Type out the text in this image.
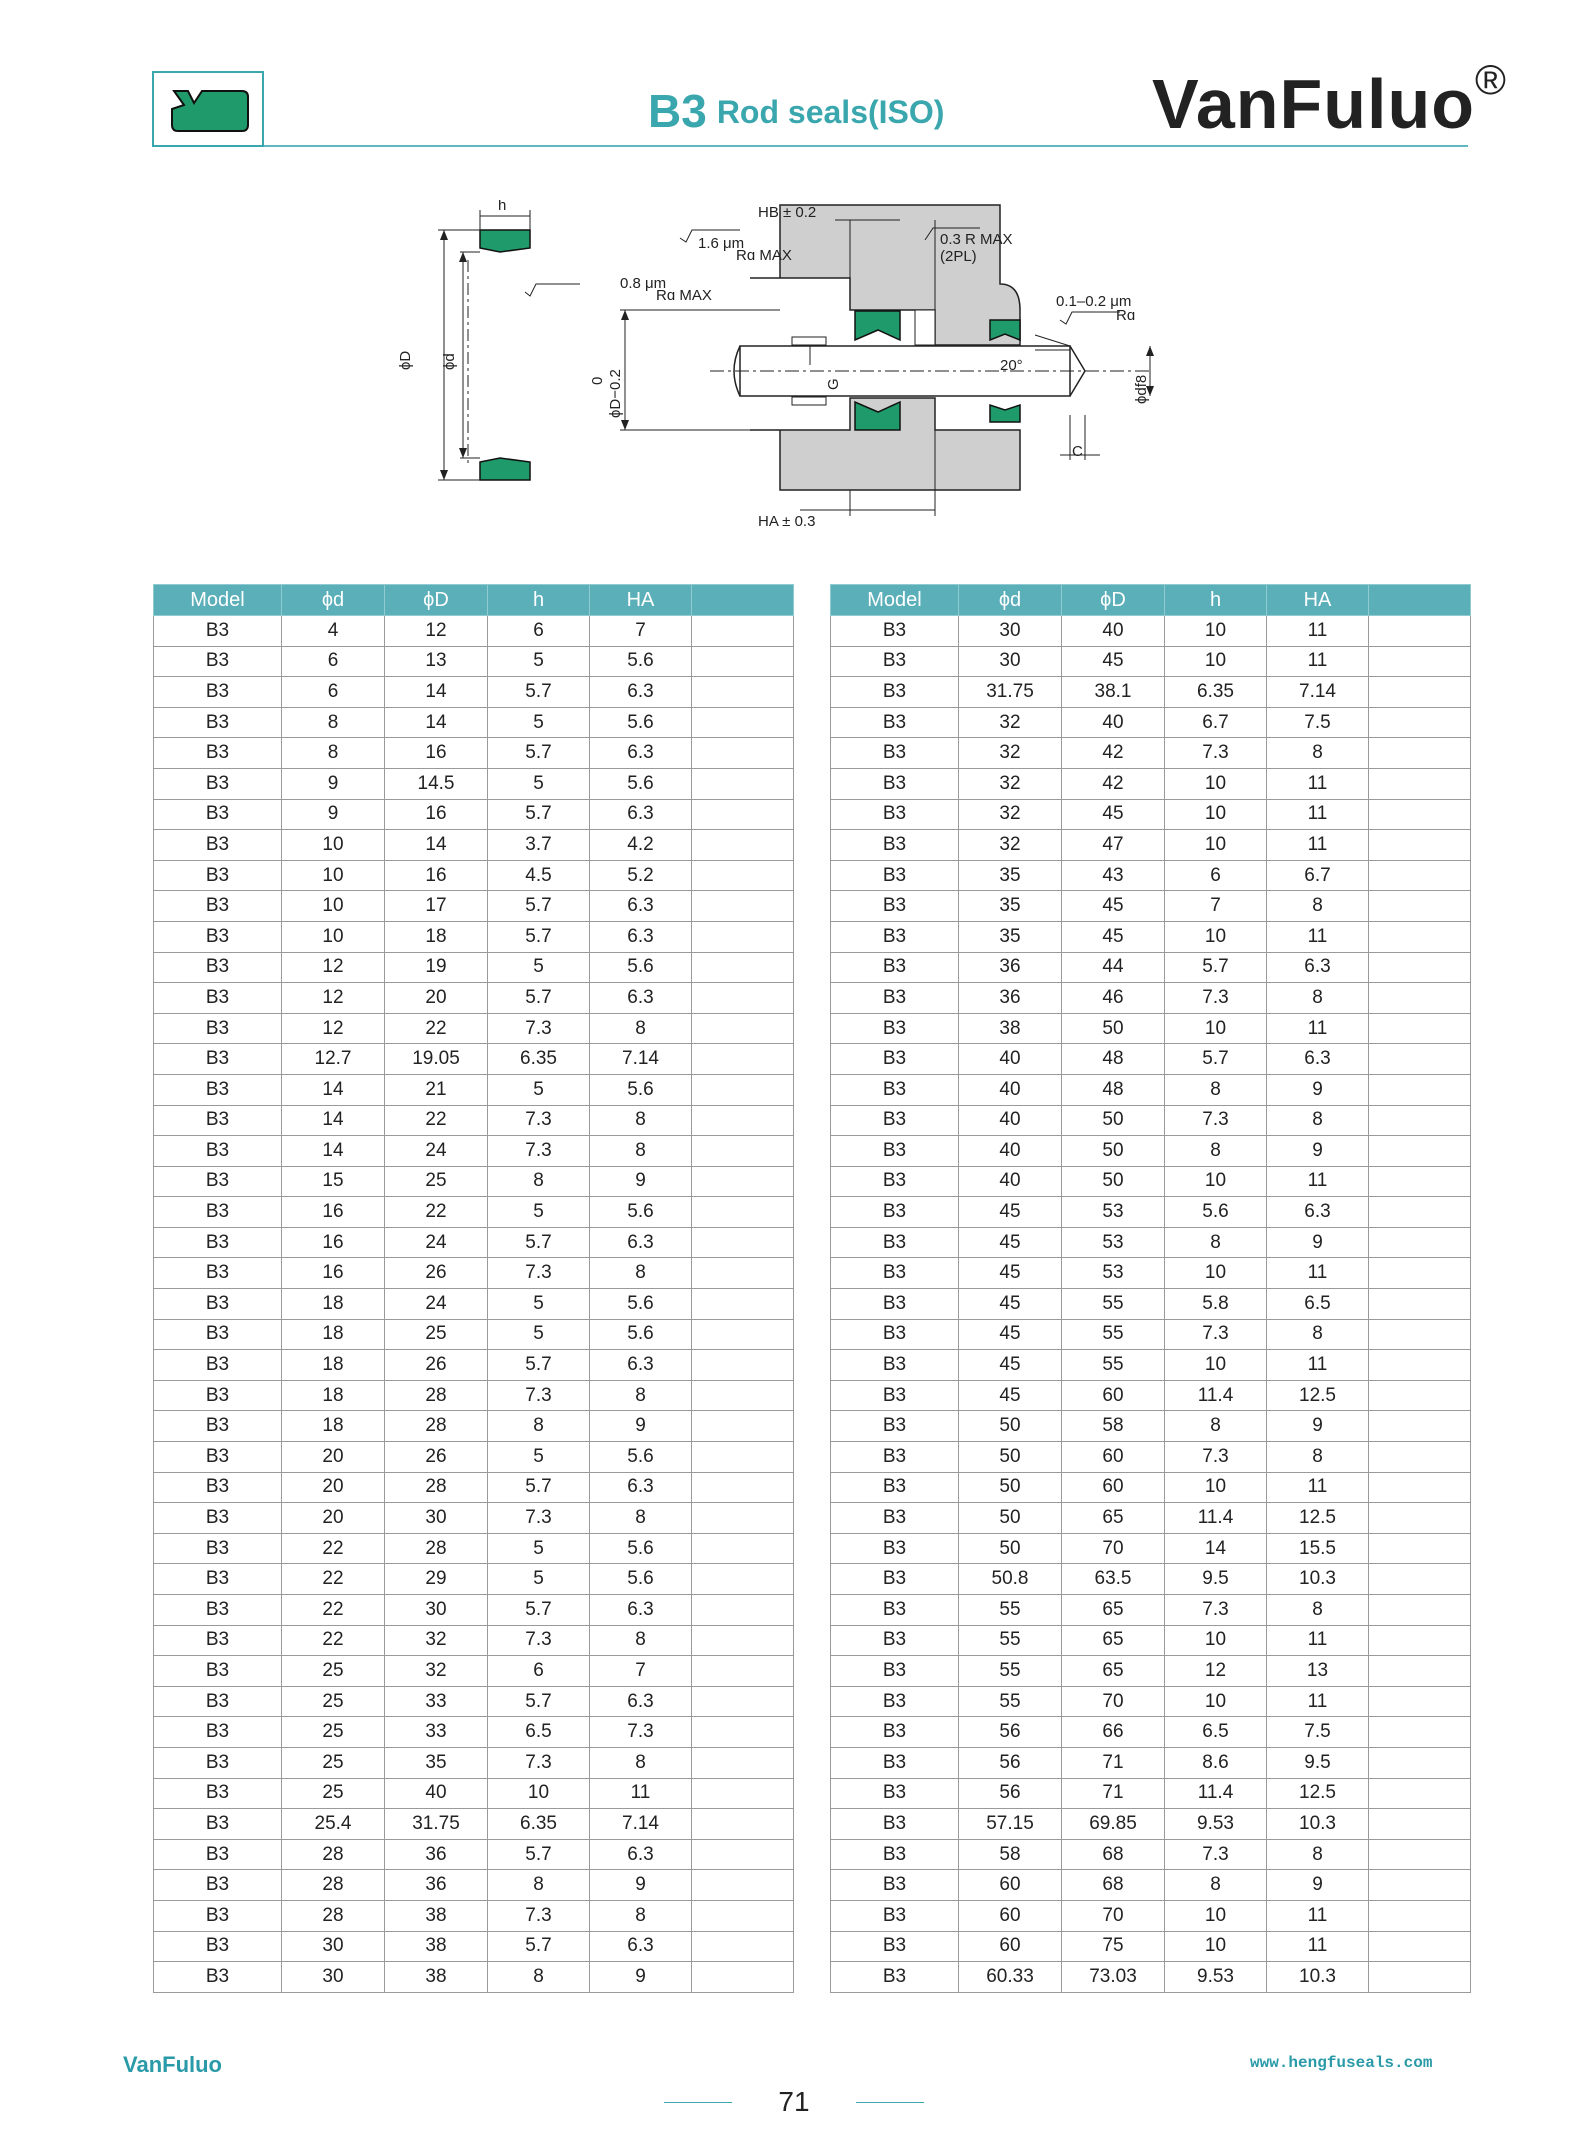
B3 Rod seals(ISO)	VanFuluo®
h
ϕD ϕd
HB ± 0.2
1.6 μm
Rɑ MAX
0.3 R MAX
(2PL)
0.8 μm
Rɑ MAX	0.1–0.2 μm
Rɑ
20°
0 ϕD−0.2	G	ϕdf8
C
HA ± 0.3
Model	ϕd	ϕD	h	HA	
B3	4	12	6	7	
B3	6	13	5	5.6	
B3	6	14	5.7	6.3	
B3	8	14	5	5.6	
B3	8	16	5.7	6.3	
B3	9	14.5	5	5.6	
B3	9	16	5.7	6.3	
B3	10	14	3.7	4.2	
B3	10	16	4.5	5.2	
B3	10	17	5.7	6.3	
B3	10	18	5.7	6.3	
B3	12	19	5	5.6	
B3	12	20	5.7	6.3	
B3	12	22	7.3	8	
B3	12.7	19.05	6.35	7.14	
B3	14	21	5	5.6	
B3	14	22	7.3	8	
B3	14	24	7.3	8	
B3	15	25	8	9	
B3	16	22	5	5.6	
B3	16	24	5.7	6.3	
B3	16	26	7.3	8	
B3	18	24	5	5.6	
B3	18	25	5	5.6	
B3	18	26	5.7	6.3	
B3	18	28	7.3	8	
B3	18	28	8	9	
B3	20	26	5	5.6	
B3	20	28	5.7	6.3	
B3	20	30	7.3	8	
B3	22	28	5	5.6	
B3	22	29	5	5.6	
B3	22	30	5.7	6.3	
B3	22	32	7.3	8	
B3	25	32	6	7	
B3	25	33	5.7	6.3	
B3	25	33	6.5	7.3	
B3	25	35	7.3	8	
B3	25	40	10	11	
B3	25.4	31.75	6.35	7.14	
B3	28	36	5.7	6.3	
B3	28	36	8	9	
B3	28	38	7.3	8	
B3	30	38	5.7	6.3	
B3	30	38	8	9	
Model	ϕd	ϕD	h	HA	
B3	30	40	10	11	
B3	30	45	10	11	
B3	31.75	38.1	6.35	7.14	
B3	32	40	6.7	7.5	
B3	32	42	7.3	8	
B3	32	42	10	11	
B3	32	45	10	11	
B3	32	47	10	11	
B3	35	43	6	6.7	
B3	35	45	7	8	
B3	35	45	10	11	
B3	36	44	5.7	6.3	
B3	36	46	7.3	8	
B3	38	50	10	11	
B3	40	48	5.7	6.3	
B3	40	48	8	9	
B3	40	50	7.3	8	
B3	40	50	8	9	
B3	40	50	10	11	
B3	45	53	5.6	6.3	
B3	45	53	8	9	
B3	45	53	10	11	
B3	45	55	5.8	6.5	
B3	45	55	7.3	8	
B3	45	55	10	11	
B3	45	60	11.4	12.5	
B3	50	58	8	9	
B3	50	60	7.3	8	
B3	50	60	10	11	
B3	50	65	11.4	12.5	
B3	50	70	14	15.5	
B3	50.8	63.5	9.5	10.3	
B3	55	65	7.3	8	
B3	55	65	10	11	
B3	55	65	12	13	
B3	55	70	10	11	
B3	56	66	6.5	7.5	
B3	56	71	8.6	9.5	
B3	56	71	11.4	12.5	
B3	57.15	69.85	9.53	10.3	
B3	58	68	7.3	8	
B3	60	68	8	9	
B3	60	70	10	11	
B3	60	75	10	11	
B3	60.33	73.03	9.53	10.3	
VanFuluo	www.hengfuseals.com
71
